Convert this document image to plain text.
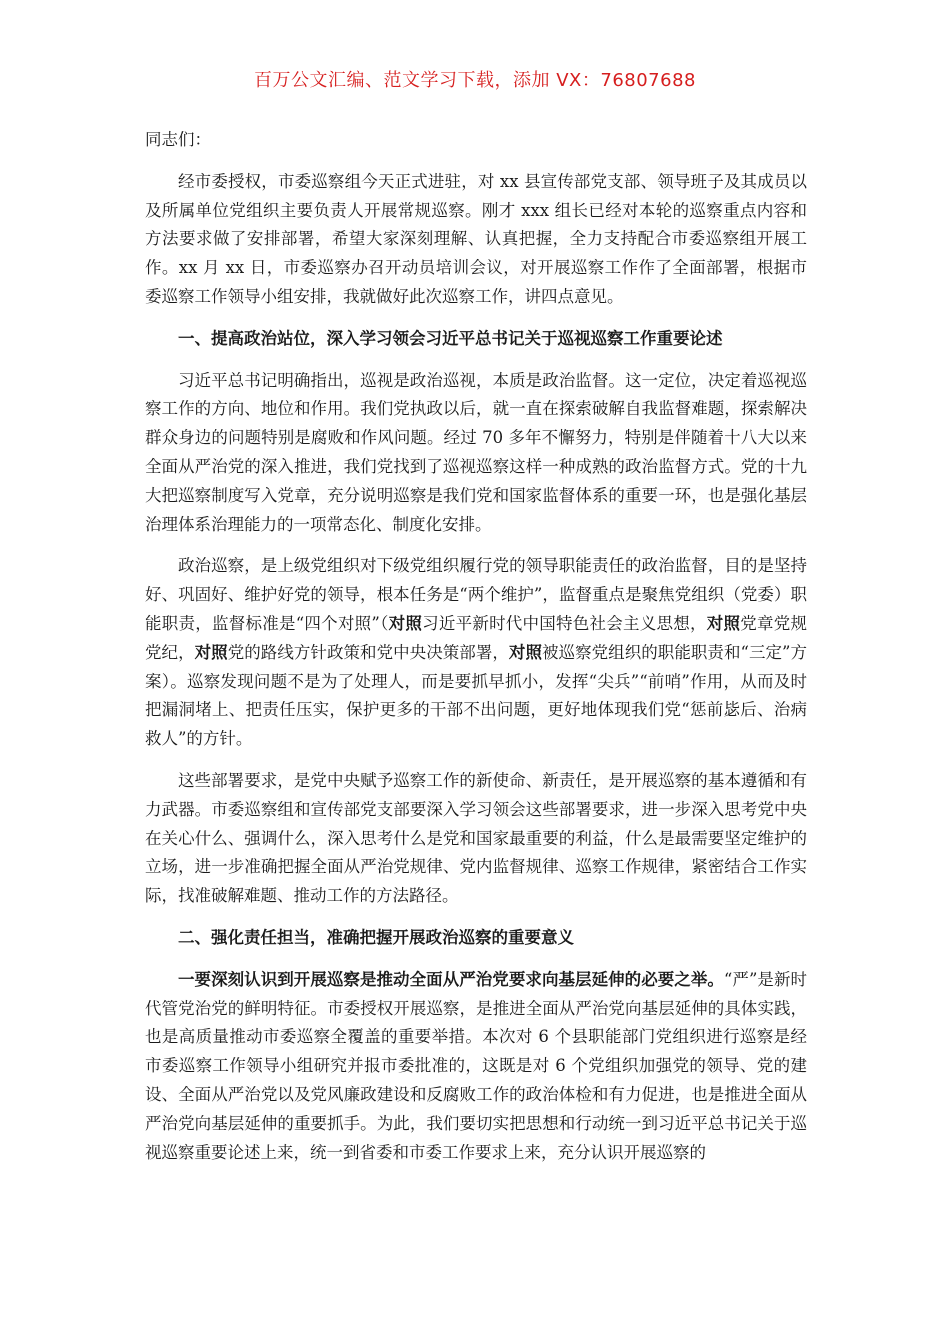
百万公文汇编、范文学习下载，添加 VX：76807688

同志们：

经市委授权，市委巡察组今天正式进驻，对 xx 县宣传部党支部、领导班子及其成员以及所属单位党组织主要负责人开展常规巡察。刚才 xxx 组长已经对本轮的巡察重点内容和方法要求做了安排部署，希望大家深刻理解、认真把握，全力支持配合市委巡察组开展工作。xx 月 xx 日，市委巡察办召开动员培训会议，对开展巡察工作作了全面部署，根据市委巡察工作领导小组安排，我就做好此次巡察工作，讲四点意见。

一、提高政治站位，深入学习领会习近平总书记关于巡视巡察工作重要论述

习近平总书记明确指出，巡视是政治巡视，本质是政治监督。这一定位，决定着巡视巡察工作的方向、地位和作用。我们党执政以后，就一直在探索破解自我监督难题，探索解决群众身边的问题特别是腐败和作风问题。经过 70 多年不懈努力，特别是伴随着十八大以来全面从严治党的深入推进，我们党找到了巡视巡察这样一种成熟的政治监督方式。党的十九大把巡察制度写入党章，充分说明巡察是我们党和国家监督体系的重要一环，也是强化基层治理体系治理能力的一项常态化、制度化安排。

政治巡察，是上级党组织对下级党组织履行党的领导职能责任的政治监督，目的是坚持好、巩固好、维护好党的领导，根本任务是“两个维护”，监督重点是聚焦党组织（党委）职能职责，监督标准是“四个对照”（对照习近平新时代中国特色社会主义思想，对照党章党规党纪，对照党的路线方针政策和党中央决策部署，对照被巡察党组织的职能职责和“三定”方案）。巡察发现问题不是为了处理人，而是要抓早抓小，发挥“尖兵”“前哨”作用，从而及时把漏洞堵上、把责任压实，保护更多的干部不出问题，更好地体现我们党“惩前毖后、治病救人”的方针。

这些部署要求，是党中央赋予巡察工作的新使命、新责任，是开展巡察的基本遵循和有力武器。市委巡察组和宣传部党支部要深入学习领会这些部署要求，进一步深入思考党中央在关心什么、强调什么，深入思考什么是党和国家最重要的利益，什么是最需要坚定维护的立场，进一步准确把握全面从严治党规律、党内监督规律、巡察工作规律，紧密结合工作实际，找准破解难题、推动工作的方法路径。

二、强化责任担当，准确把握开展政治巡察的重要意义

一要深刻认识到开展巡察是推动全面从严治党要求向基层延伸的必要之举。“严”是新时代管党治党的鲜明特征。市委授权开展巡察，是推进全面从严治党向基层延伸的具体实践，也是高质量推动市委巡察全覆盖的重要举措。本次对 6 个县职能部门党组织进行巡察是经市委巡察工作领导小组研究并报市委批准的，这既是对 6 个党组织加强党的领导、党的建设、全面从严治党以及党风廉政建设和反腐败工作的政治体检和有力促进，也是推进全面从严治党向基层延伸的重要抓手。为此，我们要切实把思想和行动统一到习近平总书记关于巡视巡察重要论述上来，统一到省委和市委工作要求上来，充分认识开展巡察的
